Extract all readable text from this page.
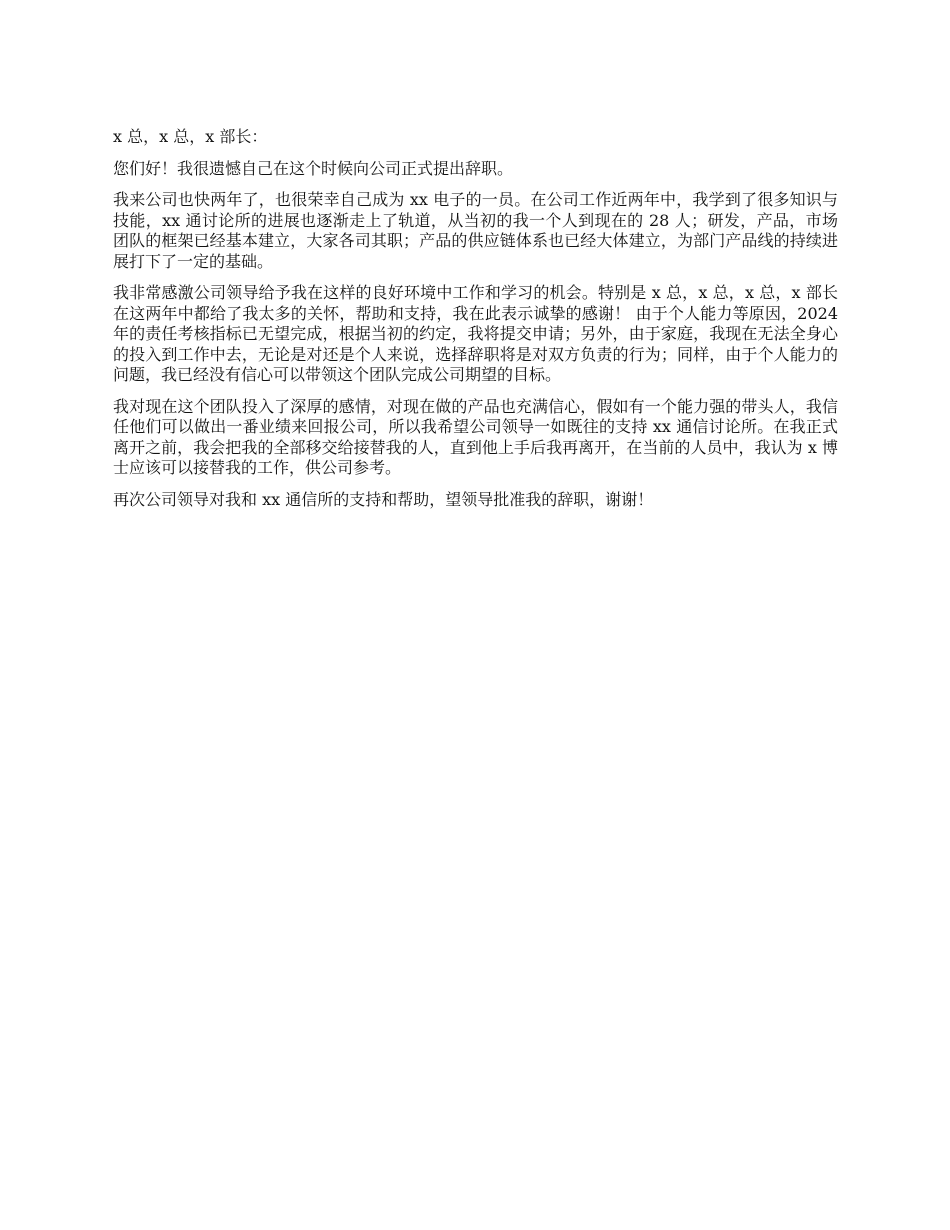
x 总，x 总，x 部长：

您们好！我很遗憾自己在这个时候向公司正式提出辞职。

我来公司也快两年了，也很荣幸自己成为 xx 电子的一员。在公司工作近两年中，我学到了很多知识与技能，xx 通讨论所的进展也逐渐走上了轨道，从当初的我一个人到现在的 28 人；研发，产品，市场团队的框架已经基本建立，大家各司其职；产品的供应链体系也已经大体建立，为部门产品线的持续进展打下了一定的基础。

我非常感激公司领导给予我在这样的良好环境中工作和学习的机会。特别是 x 总，x 总，x 总，x 部长在这两年中都给了我太多的关怀，帮助和支持，我在此表示诚挚的感谢！ 由于个人能力等原因，2024 年的责任考核指标已无望完成，根据当初的约定，我将提交申请；另外，由于家庭，我现在无法全身心的投入到工作中去，无论是对还是个人来说，选择辞职将是对双方负责的行为；同样，由于个人能力的问题，我已经没有信心可以带领这个团队完成公司期望的目标。

我对现在这个团队投入了深厚的感情，对现在做的产品也充满信心，假如有一个能力强的带头人，我信任他们可以做出一番业绩来回报公司，所以我希望公司领导一如既往的支持 xx 通信讨论所。在我正式离开之前，我会把我的全部移交给接替我的人，直到他上手后我再离开，在当前的人员中，我认为 x 博士应该可以接替我的工作，供公司参考。

再次公司领导对我和 xx 通信所的支持和帮助，望领导批准我的辞职，谢谢！
